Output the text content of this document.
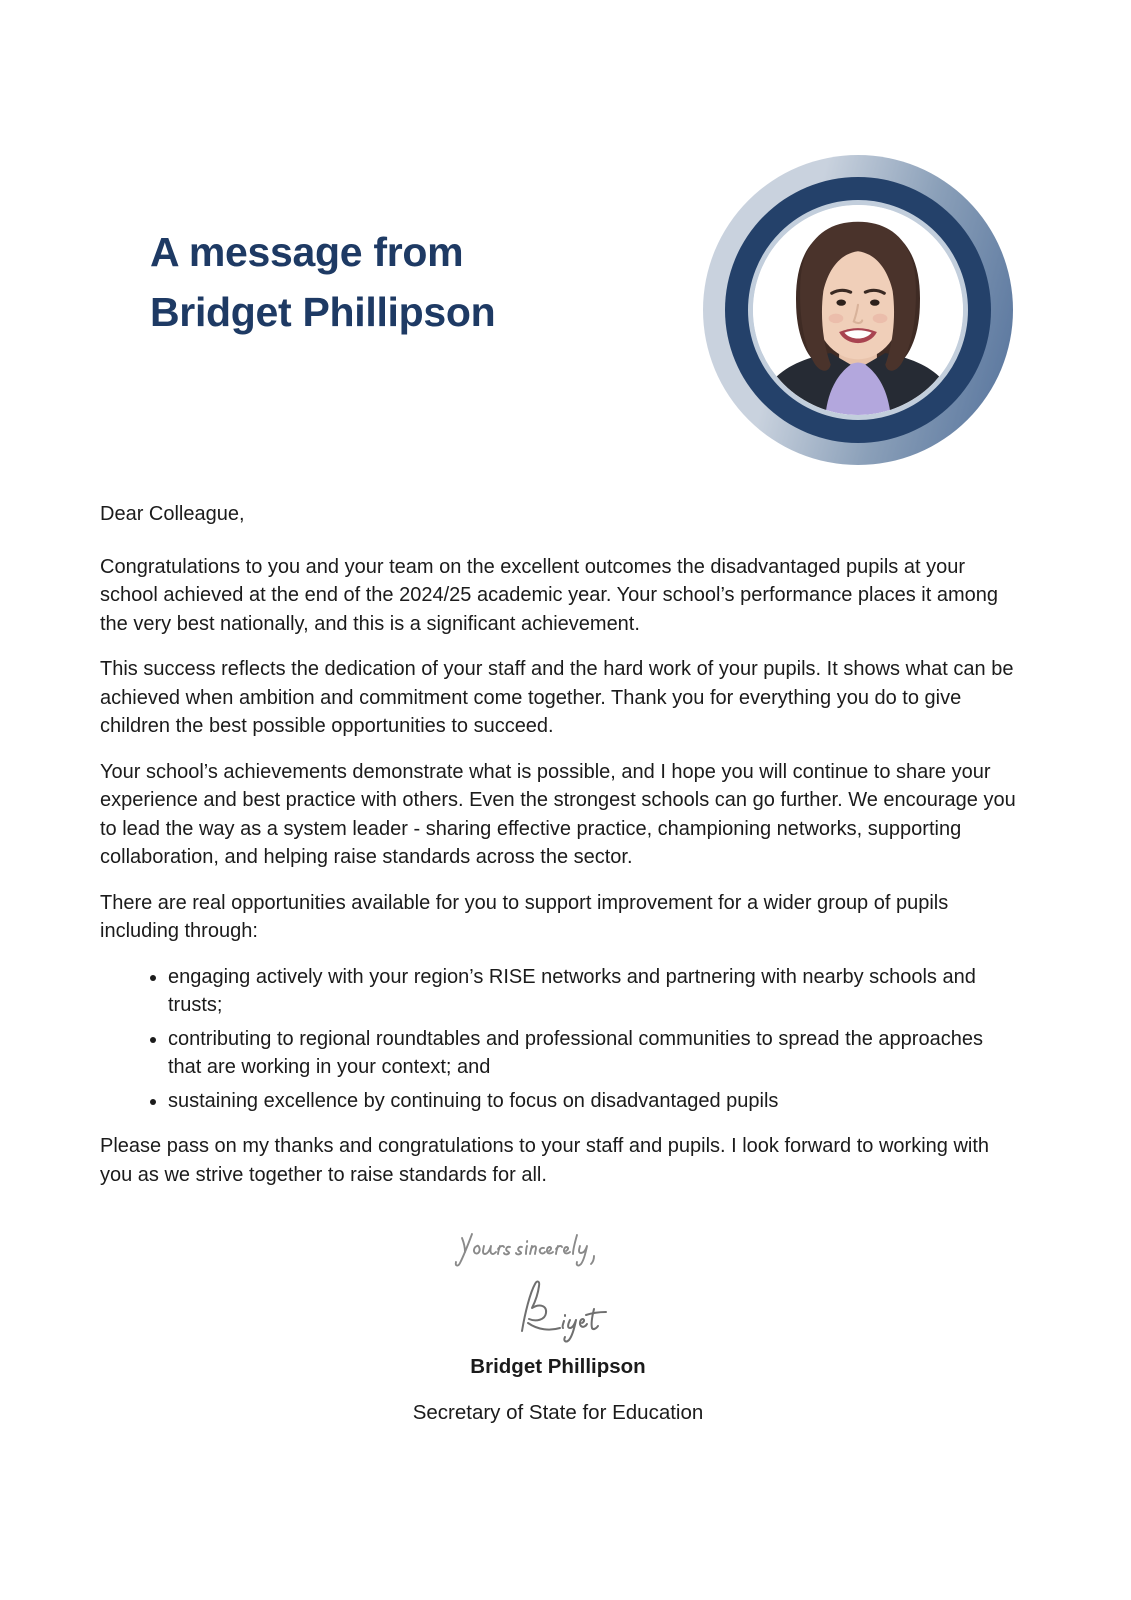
A message from
Bridget Phillipson

Dear Colleague,

Congratulations to you and your team on the excellent outcomes the disadvantaged pupils at your school achieved at the end of the 2024/25 academic year. Your school’s performance places it among the very best nationally, and this is a significant achievement.

This success reflects the dedication of your staff and the hard work of your pupils. It shows what can be achieved when ambition and commitment come together. Thank you for everything you do to give children the best possible opportunities to succeed.

Your school’s achievements demonstrate what is possible, and I hope you will continue to share your experience and best practice with others. Even the strongest schools can go further. We encourage you to lead the way as a system leader - sharing effective practice, championing networks, supporting collaboration, and helping raise standards across the sector.

There are real opportunities available for you to support improvement for a wider group of pupils including through:

• engaging actively with your region’s RISE networks and partnering with nearby schools and trusts;
• contributing to regional roundtables and professional communities to spread the approaches that are working in your context; and
• sustaining excellence by continuing to focus on disadvantaged pupils

Please pass on my thanks and congratulations to your staff and pupils. I look forward to working with you as we strive together to raise standards for all.

Bridget Phillipson

Secretary of State for Education
